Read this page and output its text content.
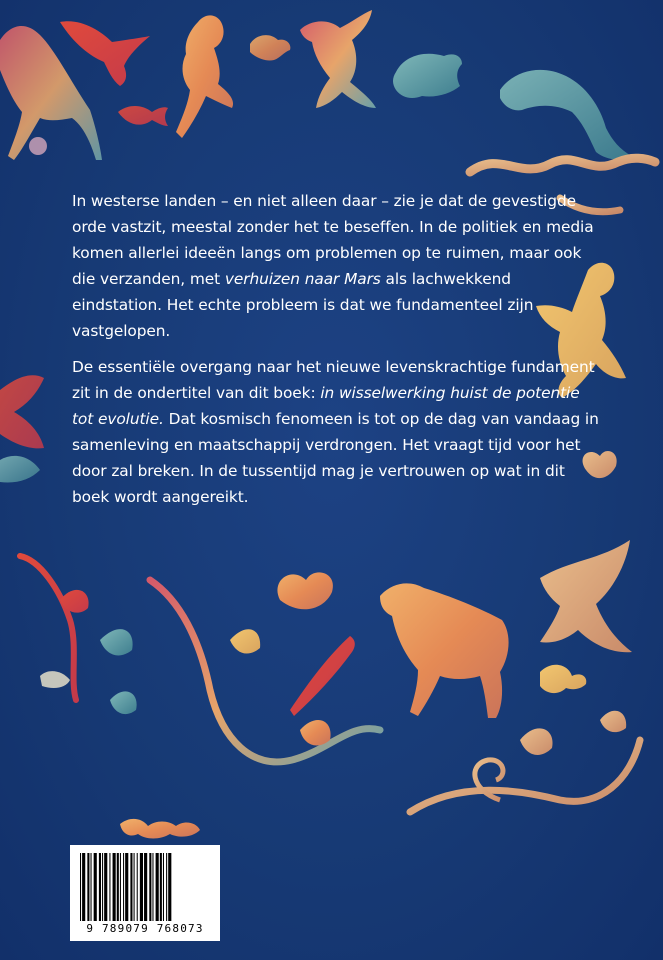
In westerse landen – en niet alleen daar – zie je dat de gevestigde orde vastzit, meestal zonder het te beseffen. In de politiek en media komen allerlei ideeën langs om problemen op te ruimen, maar ook die verzanden, met verhuizen naar Mars als lachwekkend eindstation. Het echte probleem is dat we fundamenteel zijn vastgelopen.

De essentiële overgang naar het nieuwe levenskrachtige fundament zit in de ondertitel van dit boek: in wisselwerking huist de potentie tot evolutie. Dat kosmisch fenomeen is tot op de dag van vandaag in samenleving en maatschappij verdrongen. Het vraagt tijd voor het door zal breken. In de tussentijd mag je vertrouwen op wat in dit boek wordt aangereikt.

9 789079 768073
